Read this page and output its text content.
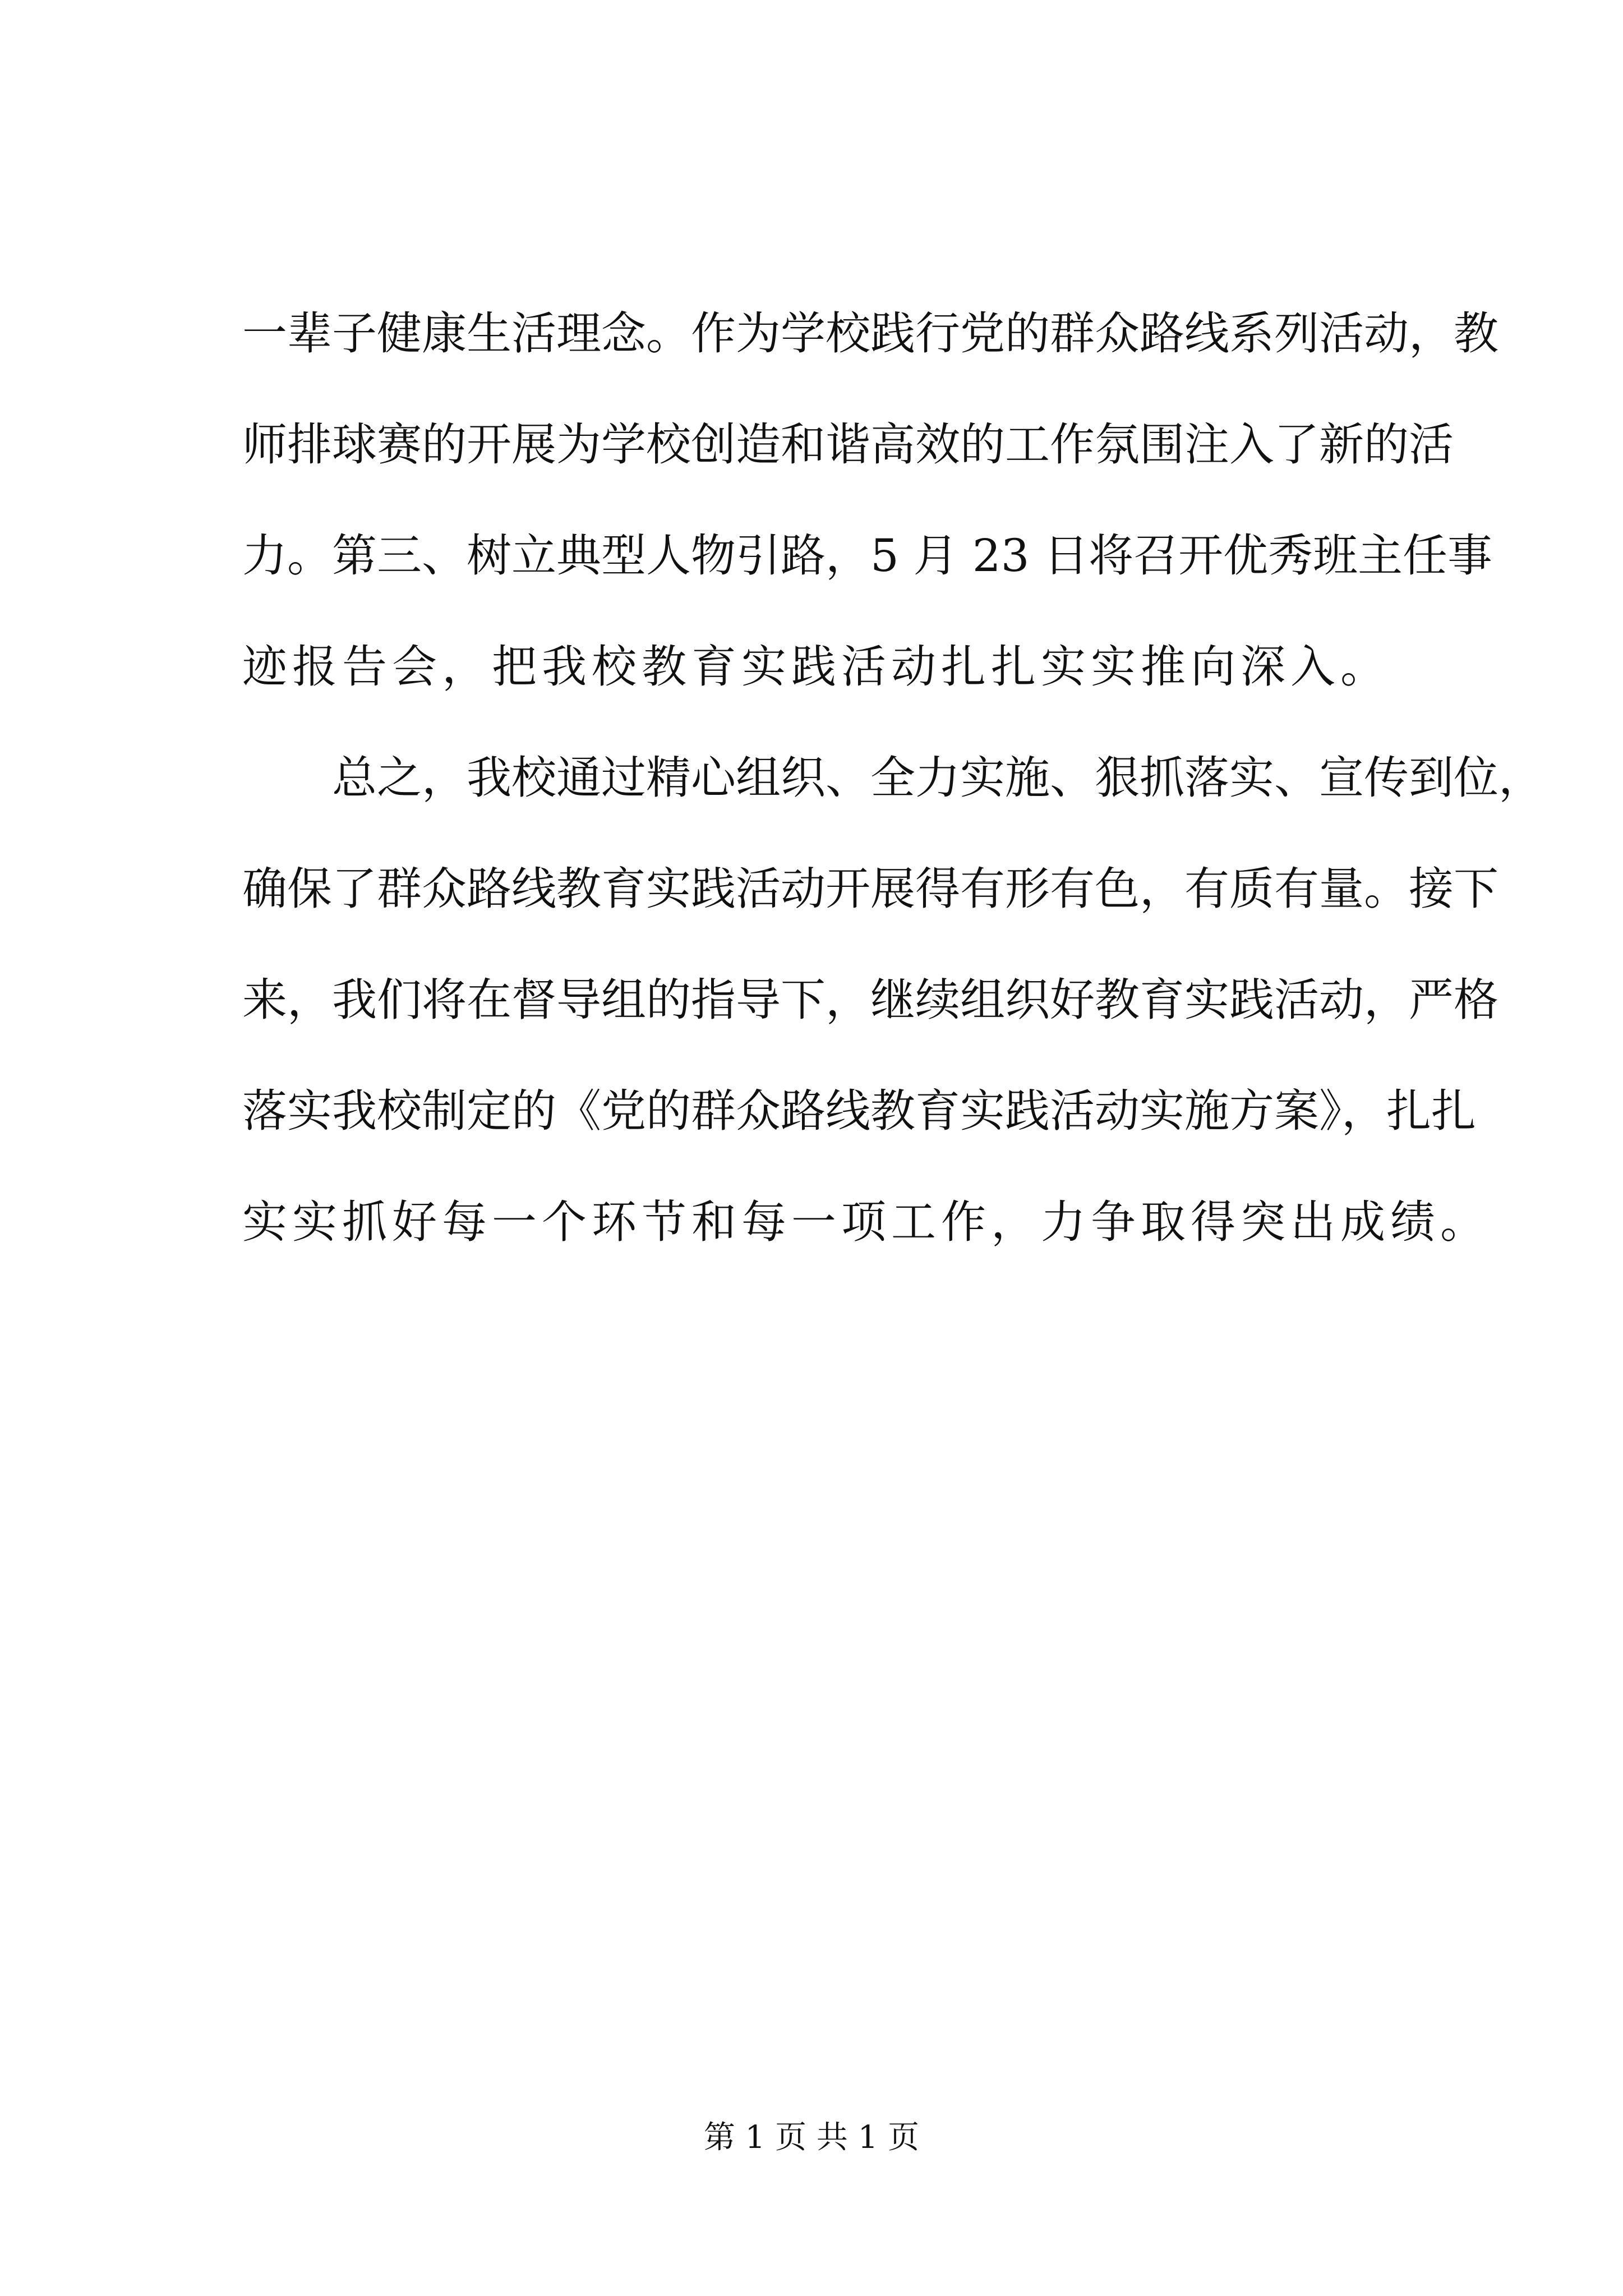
一辈子健康生活理念。作为学校践行党的群众路线系列活动，教
师排球赛的开展为学校创造和谐高效的工作氛围注入了新的活
力。第三、树立典型人物引路，5 月 23 日将召开优秀班主任事
迹报告会，把我校教育实践活动扎扎实实推向深入。
总之，我校通过精心组织、全力实施、狠抓落实、宣传到位，
确保了群众路线教育实践活动开展得有形有色，有质有量。接下
来，我们将在督导组的指导下，继续组织好教育实践活动，严格
落实我校制定的《党的群众路线教育实践活动实施方案》，扎扎
实实抓好每一个环节和每一项工作，力争取得突出成绩。
第 1 页 共 1 页
